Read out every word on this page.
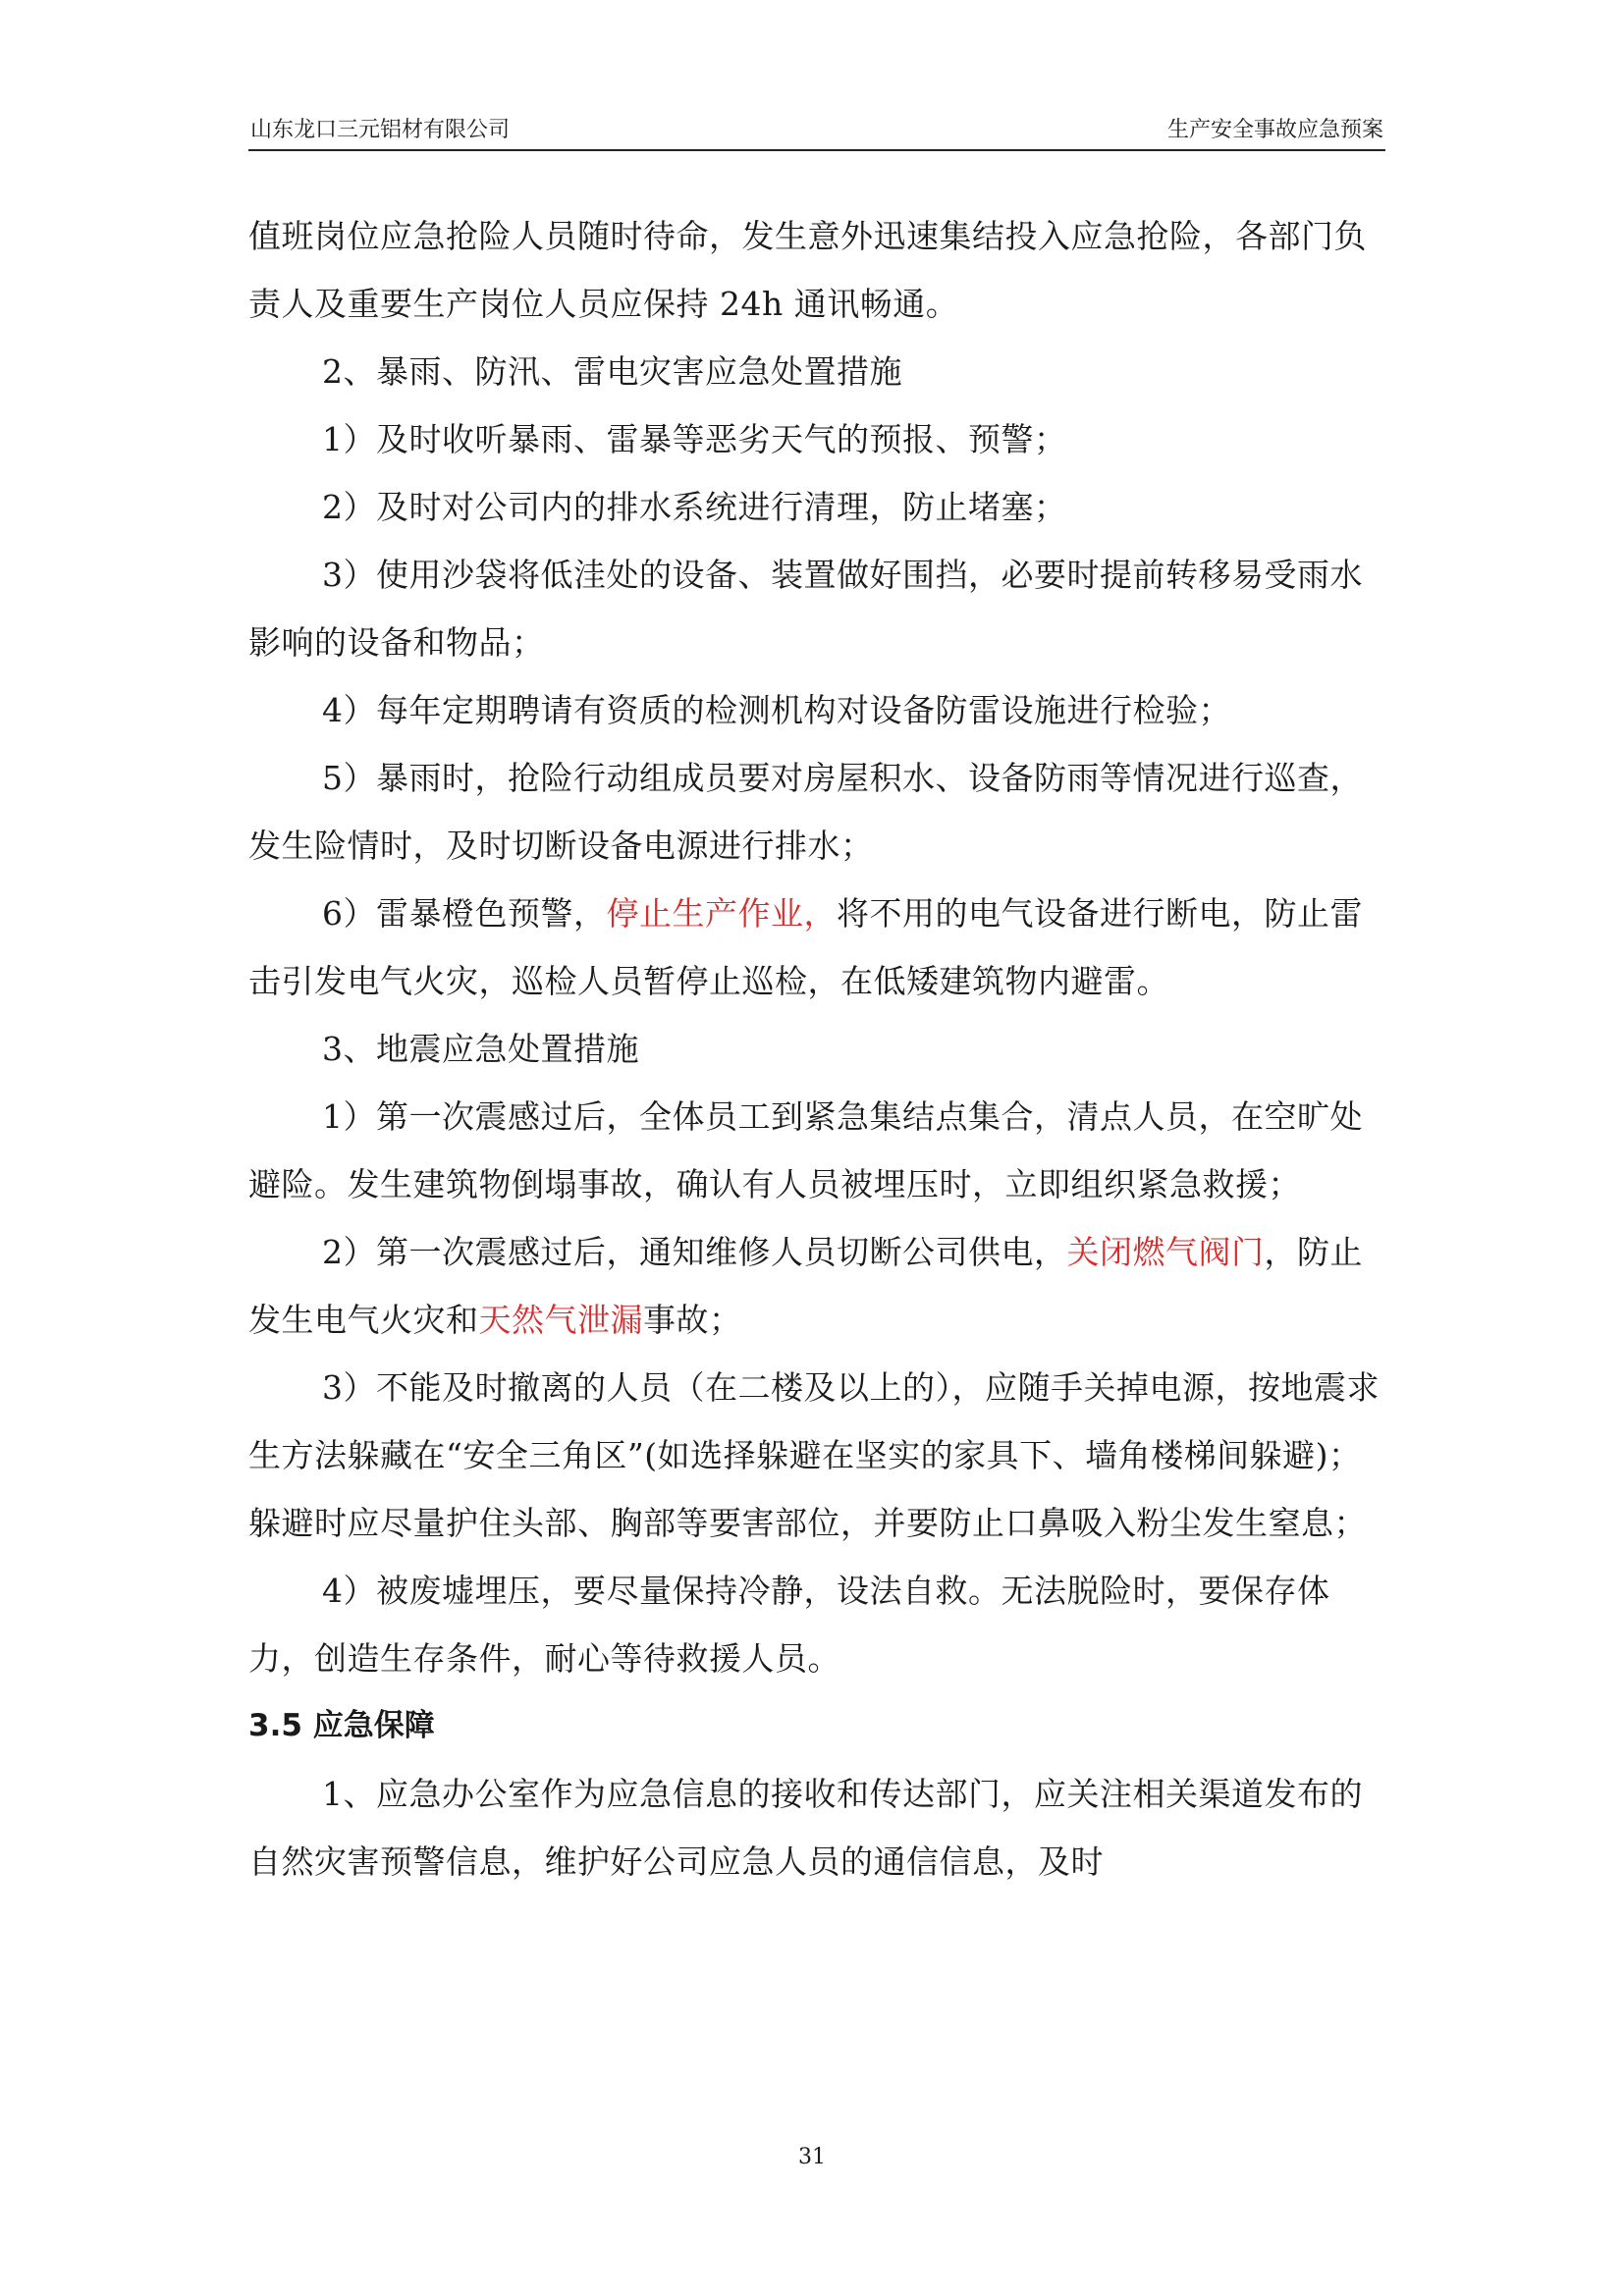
山东龙口三元铝材有限公司	生产安全事故应急预案

值班岗位应急抢险人员随时待命，发生意外迅速集结投入应急抢险，各部门负责人及重要生产岗位人员应保持 24h 通讯畅通。

2、暴雨、防汛、雷电灾害应急处置措施

1）及时收听暴雨、雷暴等恶劣天气的预报、预警；

2）及时对公司内的排水系统进行清理，防止堵塞；

3）使用沙袋将低洼处的设备、装置做好围挡，必要时提前转移易受雨水影响的设备和物品；

4）每年定期聘请有资质的检测机构对设备防雷设施进行检验；

5）暴雨时，抢险行动组成员要对房屋积水、设备防雨等情况进行巡查，发生险情时，及时切断设备电源进行排水；

6）雷暴橙色预警，停止生产作业，将不用的电气设备进行断电，防止雷击引发电气火灾，巡检人员暂停止巡检，在低矮建筑物内避雷。

3、地震应急处置措施

1）第一次震感过后，全体员工到紧急集结点集合，清点人员，在空旷处避险。发生建筑物倒塌事故，确认有人员被埋压时，立即组织紧急救援；

2）第一次震感过后，通知维修人员切断公司供电，关闭燃气阀门，防止发生电气火灾和天然气泄漏事故；

3）不能及时撤离的人员（在二楼及以上的），应随手关掉电源，按地震求生方法躲藏在“安全三角区”(如选择躲避在坚实的家具下、墙角楼梯间躲避)；躲避时应尽量护住头部、胸部等要害部位，并要防止口鼻吸入粉尘发生窒息；

4）被废墟埋压，要尽量保持冷静，设法自救。无法脱险时，要保存体力，创造生存条件，耐心等待救援人员。

3.5 应急保障

1、应急办公室作为应急信息的接收和传达部门，应关注相关渠道发布的自然灾害预警信息，维护好公司应急人员的通信信息，及时

31
